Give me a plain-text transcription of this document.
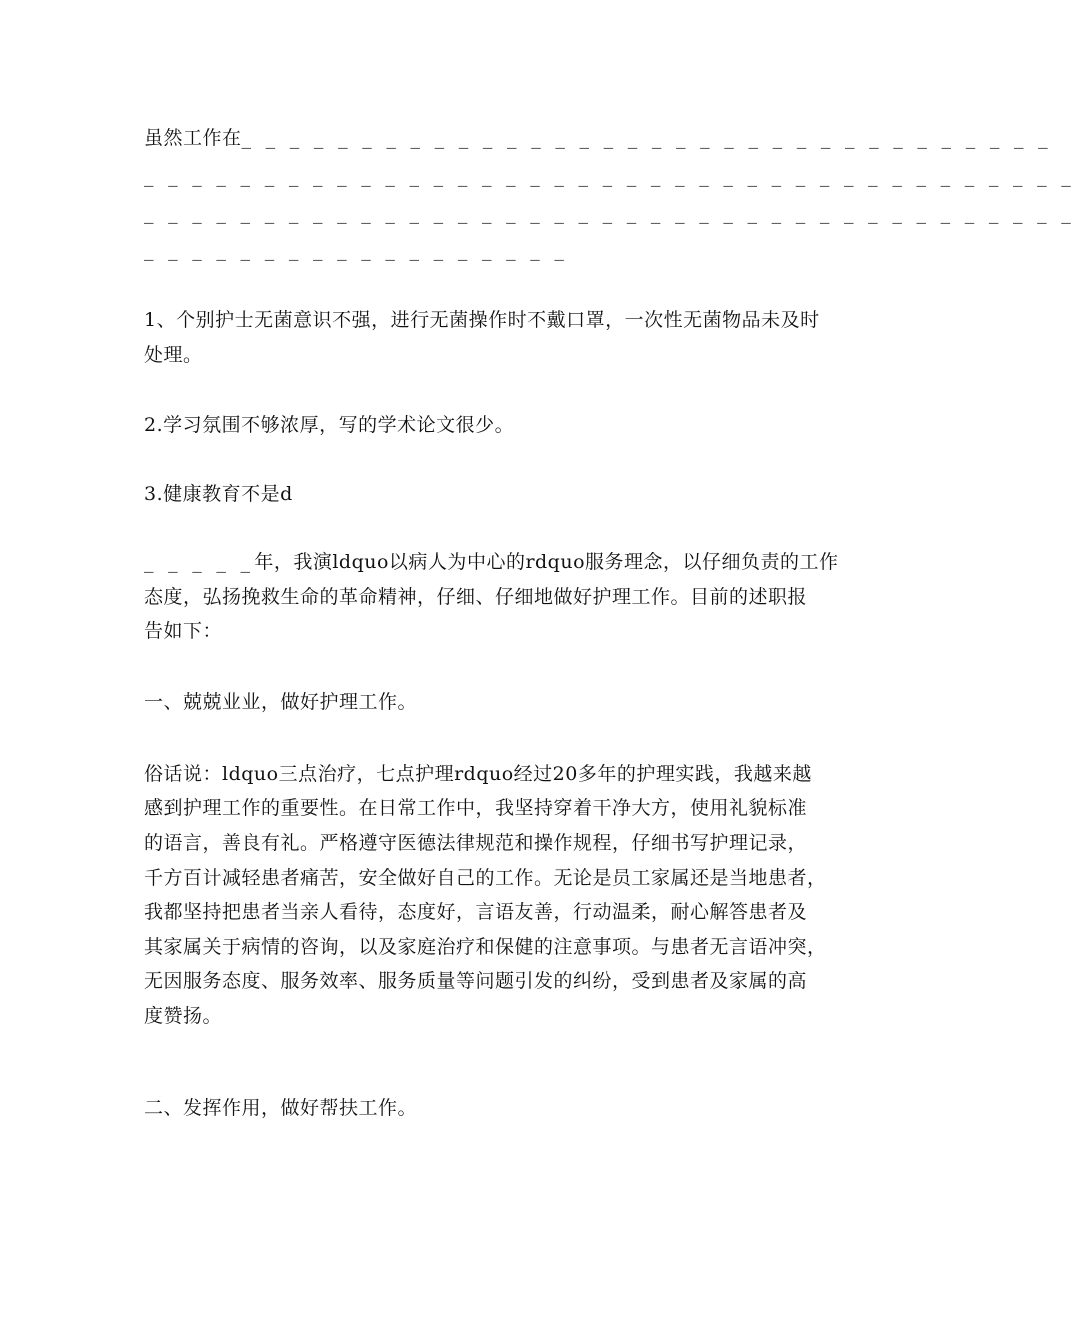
虽然工作在_ _ _ _ _ _ _ _ _ _ _ _ _ _ _ _ _ _ _ _ _ _ _ _ _ _ _ _ _ _ _ _ _ _
_ _ _ _ _ _ _ _ _ _ _ _ _ _ _ _ _ _ _ _ _ _ _ _ _ _ _ _ _ _ _ _ _ _ _ _ _ _ _
_ _ _ _ _ _ _ _ _ _ _ _ _ _ _ _ _ _ _ _ _ _ _ _ _ _ _ _ _ _ _ _ _ _ _ _ _ _ _
_ _ _ _ _ _ _ _ _ _ _ _ _ _ _ _ _ _
1、个别护士无菌意识不强，进行无菌操作时不戴口罩，一次性无菌物品未及时
处理。
2.学习氛围不够浓厚，写的学术论文很少。
3.健康教育不是d
_ _ _ _ _年，我演ldquo以病人为中心的rdquo服务理念，以仔细负责的工作
态度，弘扬挽救生命的革命精神，仔细、仔细地做好护理工作。目前的述职报
告如下：
一、兢兢业业，做好护理工作。
俗话说：ldquo三点治疗，七点护理rdquo经过20多年的护理实践，我越来越
感到护理工作的重要性。在日常工作中，我坚持穿着干净大方，使用礼貌标准
的语言，善良有礼。严格遵守医德法律规范和操作规程，仔细书写护理记录，
千方百计减轻患者痛苦，安全做好自己的工作。无论是员工家属还是当地患者，
我都坚持把患者当亲人看待，态度好，言语友善，行动温柔，耐心解答患者及
其家属关于病情的咨询，以及家庭治疗和保健的注意事项。与患者无言语冲突，
无因服务态度、服务效率、服务质量等问题引发的纠纷，受到患者及家属的高
度赞扬。
二、发挥作用，做好帮扶工作。
